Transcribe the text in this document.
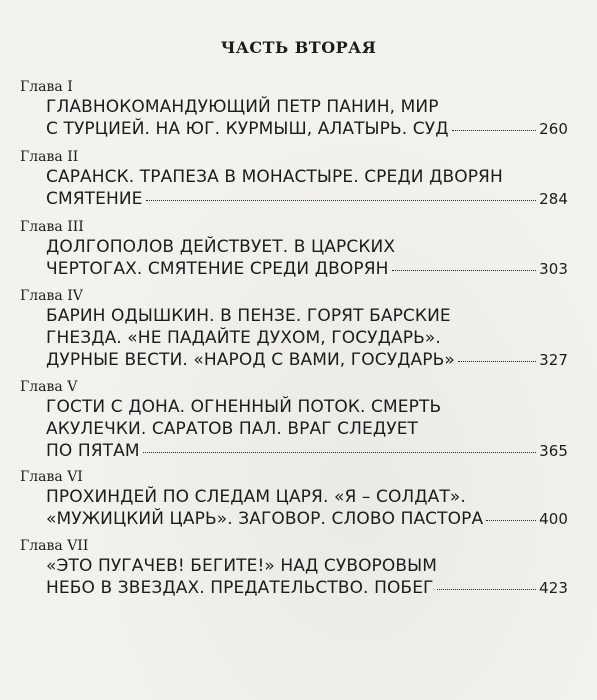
ЧАСТЬ ВТОРАЯ
Глава I
ГЛАВНОКОМАНДУЮЩИЙ ПЕТР ПАНИН, МИР
С ТУРЦИЕЙ. НА ЮГ. КУРМЫШ, АЛАТЫРЬ. СУД	260
Глава II
САРАНСК. ТРАПЕЗА В МОНАСТЫРЕ. СРЕДИ ДВОРЯН
СМЯТЕНИЕ	284
Глава III
ДОЛГОПОЛОВ ДЕЙСТВУЕТ. В ЦАРСКИХ
ЧЕРТОГАХ. СМЯТЕНИЕ СРЕДИ ДВОРЯН	303
Глава IV
БАРИН ОДЫШКИН. В ПЕНЗЕ. ГОРЯТ БАРСКИЕ
ГНЕЗДА. «НЕ ПАДАЙТЕ ДУХОМ, ГОСУДАРЬ».
ДУРНЫЕ ВЕСТИ. «НАРОД С ВАМИ, ГОСУДАРЬ»	327
Глава V
ГОСТИ С ДОНА. ОГНЕННЫЙ ПОТОК. СМЕРТЬ
АКУЛЕЧКИ. САРАТОВ ПАЛ. ВРАГ СЛЕДУЕТ
ПО ПЯТАМ	365
Глава VI
ПРОХИНДЕЙ ПО СЛЕДАМ ЦАРЯ. «Я – СОЛДАТ».
«МУЖИЦКИЙ ЦАРЬ». ЗАГОВОР. СЛОВО ПАСТОРА	400
Глава VII
«ЭТО ПУГАЧЕВ! БЕГИТЕ!» НАД СУВОРОВЫМ
НЕБО В ЗВЕЗДАХ. ПРЕДАТЕЛЬСТВО. ПОБЕГ	423
